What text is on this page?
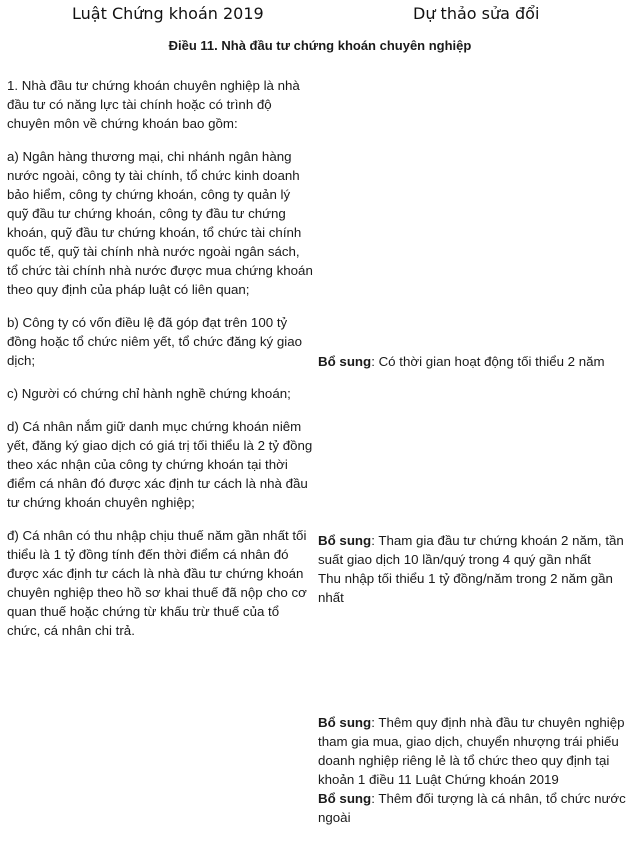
Luật Chứng khoán 2019	Dự thảo sửa đổi
Điều 11. Nhà đầu tư chứng khoán chuyên nghiệp

1. Nhà đầu tư chứng khoán chuyên nghiệp là nhà đầu tư có năng lực tài chính hoặc có trình độ chuyên môn về chứng khoán bao gồm:

a) Ngân hàng thương mại, chi nhánh ngân hàng nước ngoài, công ty tài chính, tổ chức kinh doanh bảo hiểm, công ty chứng khoán, công ty quản lý quỹ đầu tư chứng khoán, công ty đầu tư chứng khoán, quỹ đầu tư chứng khoán, tổ chức tài chính quốc tế, quỹ tài chính nhà nước ngoài ngân sách, tổ chức tài chính nhà nước được mua chứng khoán theo quy định của pháp luật có liên quan;

b) Công ty có vốn điều lệ đã góp đạt trên 100 tỷ đồng hoặc tổ chức niêm yết, tổ chức đăng ký giao dịch;

c) Người có chứng chỉ hành nghề chứng khoán;

d) Cá nhân nắm giữ danh mục chứng khoán niêm yết, đăng ký giao dịch có giá trị tối thiểu là 2 tỷ đồng theo xác nhận của công ty chứng khoán tại thời điểm cá nhân đó được xác định tư cách là nhà đầu tư chứng khoán chuyên nghiệp;

đ) Cá nhân có thu nhập chịu thuế năm gần nhất tối thiểu là 1 tỷ đồng tính đến thời điểm cá nhân đó được xác định tư cách là nhà đầu tư chứng khoán chuyên nghiệp theo hồ sơ khai thuế đã nộp cho cơ quan thuế hoặc chứng từ khấu trừ thuế của tổ chức, cá nhân chi trả.

Bổ sung: Có thời gian hoạt động tối thiểu 2 năm
Bổ sung: Tham gia đầu tư chứng khoán 2 năm, tần suất giao dịch 10 lần/quý trong 4 quý gần nhất
Thu nhập tối thiểu 1 tỷ đồng/năm trong 2 năm gần nhất
Bổ sung: Thêm quy định nhà đầu tư chuyên nghiệp tham gia mua, giao dịch, chuyển nhượng trái phiếu doanh nghiệp riêng lẻ là tổ chức theo quy định tại khoản 1 điều 11 Luật Chứng khoán 2019
Bổ sung: Thêm đối tượng là cá nhân, tổ chức nước ngoài
